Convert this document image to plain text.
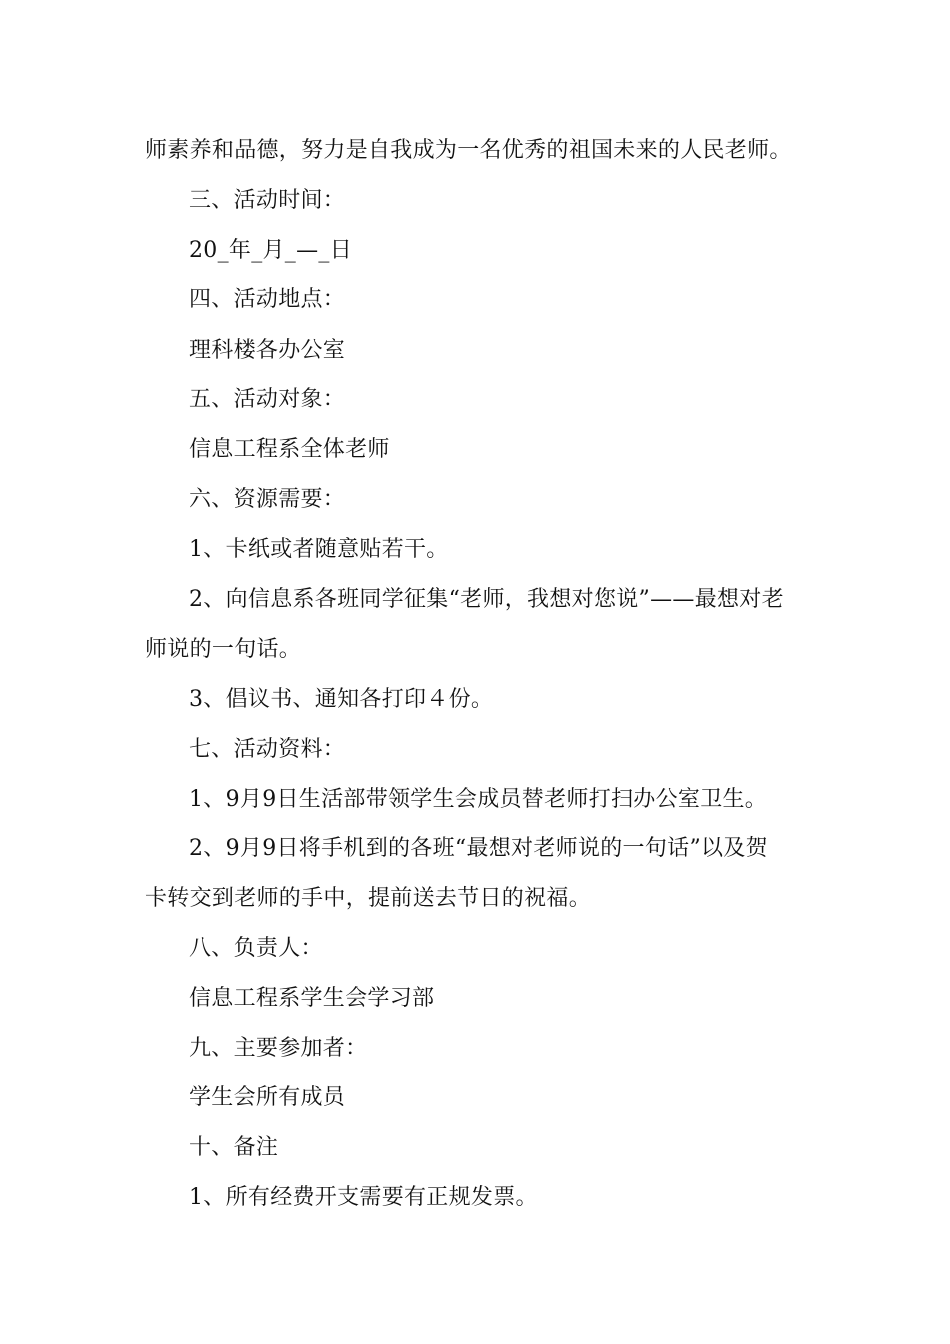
师素养和品德，努力是自我成为一名优秀的祖国未来的人民老师。
三、活动时间：
20_年_月_—_日
四、活动地点：
理科楼各办公室
五、活动对象：
信息工程系全体老师
六、资源需要：
1、卡纸或者随意贴若干。
2、向信息系各班同学征集“老师，我想对您说”——最想对老
师说的一句话。
3、倡议书、通知各打印４份。
七、活动资料：
1、9月9日生活部带领学生会成员替老师打扫办公室卫生。
2、9月9日将手机到的各班“最想对老师说的一句话”以及贺
卡转交到老师的手中，提前送去节日的祝福。
八、负责人：
信息工程系学生会学习部
九、主要参加者：
学生会所有成员
十、备注
1、所有经费开支需要有正规发票。
